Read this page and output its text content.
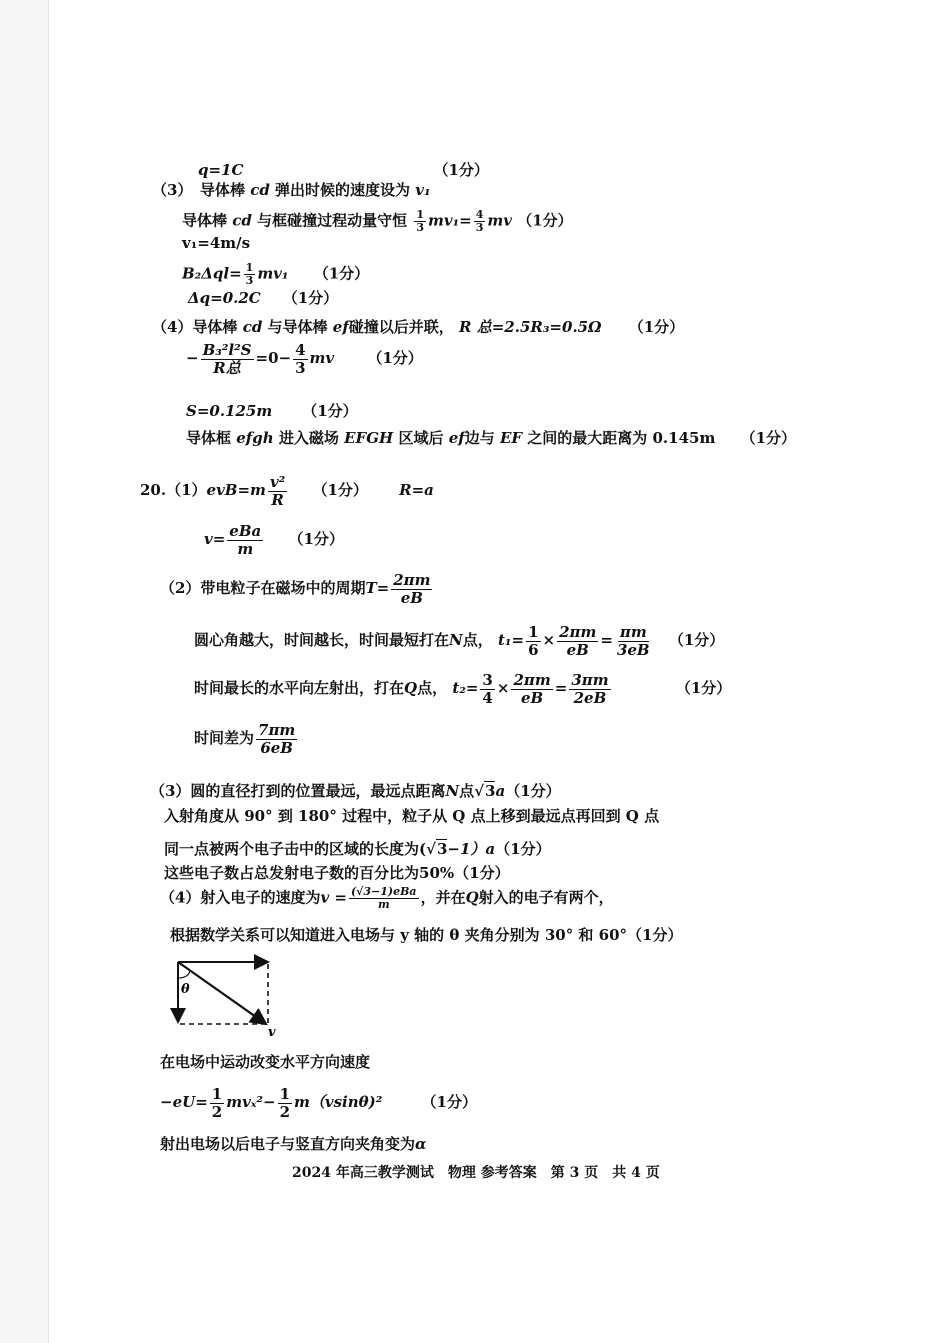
q=1C	（1分）
（3）　导体棒 cd 弹出时候的速度设为 v₁
导体棒 cd 与框碰撞过程动量守恒 $\frac{1}{3} mv_1= \frac{4}{3}$ mv （1分）
v₁=4m/s
$B_2\Delta ql= \frac{1}{3} mv_1$ （1分）
Δq=0.2C （1分）
（4）导体棒 cd 与导体棒 ef碰撞以后并联， R 总=2.5R₃=0.5Ω （1分）
− $\frac{\text{B₃²l²S}}{\text{R总}} =0- \frac{4}{3}$ mv （1分）
S=0.125m （1分）
导体框 efgh 进入磁场 EFGH 区域后 ef边与 EF 之间的最大距离为 0.145m （1分）
$20.(1)evB=m \frac{\text{v²}}{R} (1$分） R=a
$v= \frac{\text{eBa}}{m} (1$分）
（2）带电粒子在磁场中的周期$T= \frac{2\pi m}{eB}$
圆心角越大，时间越长，时间最短打在N点， $t_1= \frac{1}{6} \times \frac{2\pi m}{eB} = \frac{\pi m}{3eB} (1$分）
时间最长的水平向左射出，打在Q点， $t_2= \frac{3}{4} \times \frac{2\pi m}{eB} = \frac{3\pi m}{2eB}$	（1分）
时间差为 $\frac{7\pi m}{6eB}$
（3）圆的直径打到的位置最远，最远点距离N点√3a（1分）
入射角度从 90° 到 180° 过程中，粒子从 Q 点上移到最远点再回到 Q 点
同一点被两个电子击中的区域的长度为(√3−1）a（1分）
这些电子数占总发射电子数的百分比为50%（1分）
（4）射入电子的速度为$v = \frac{\text{(√3−1)eBa}}{m}$ ，并在Q射入的电子有两个，
根据数学关系可以知道进入电场与 y 轴的 θ 夹角分别为 30° 和 60°（1分）
θ
v
在电场中运动改变水平方向速度
$-eU= \frac{1}{2} mv_x^2- \frac{1}{2} m(vsin\theta)^2$	（1分）
射出电场以后电子与竖直方向夹角变为α
2024 年高三教学测试　物理 参考答案　第 3 页　共 4 页
